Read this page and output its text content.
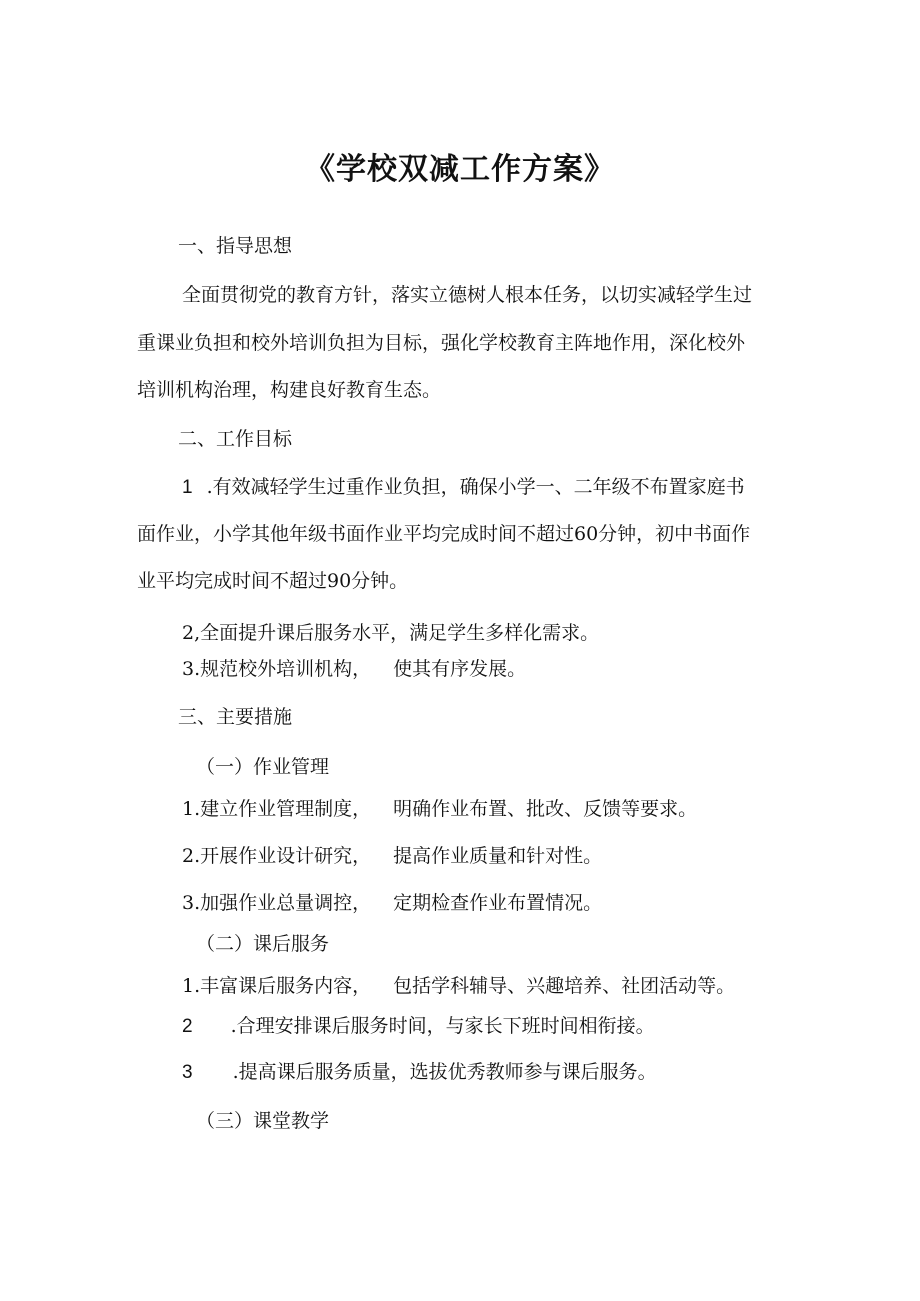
《学校双减工作方案》
一、指导思想
全面贯彻党的教育方针，落实立德树人根本任务，以切实减轻学生过
重课业负担和校外培训负担为目标，强化学校教育主阵地作用，深化校外
培训机构治理，构建良好教育生态。
二、工作目标
1 .有效减轻学生过重作业负担，确保小学一、二年级不布置家庭书
面作业，小学其他年级书面作业平均完成时间不超过60分钟，初中书面作
业平均完成时间不超过90分钟。
2,全面提升课后服务水平，满足学生多样化需求。
3.规范校外培训机构， 使其有序发展。
三、主要措施
（一）作业管理
1.建立作业管理制度， 明确作业布置、批改、反馈等要求。
2.开展作业设计研究， 提高作业质量和针对性。
3.加强作业总量调控， 定期检查作业布置情况。
（二）课后服务
1.丰富课后服务内容， 包括学科辅导、兴趣培养、社团活动等。
2 .合理安排课后服务时间，与家长下班时间相衔接。
3 .提高课后服务质量，选拔优秀教师参与课后服务。
（三）课堂教学
